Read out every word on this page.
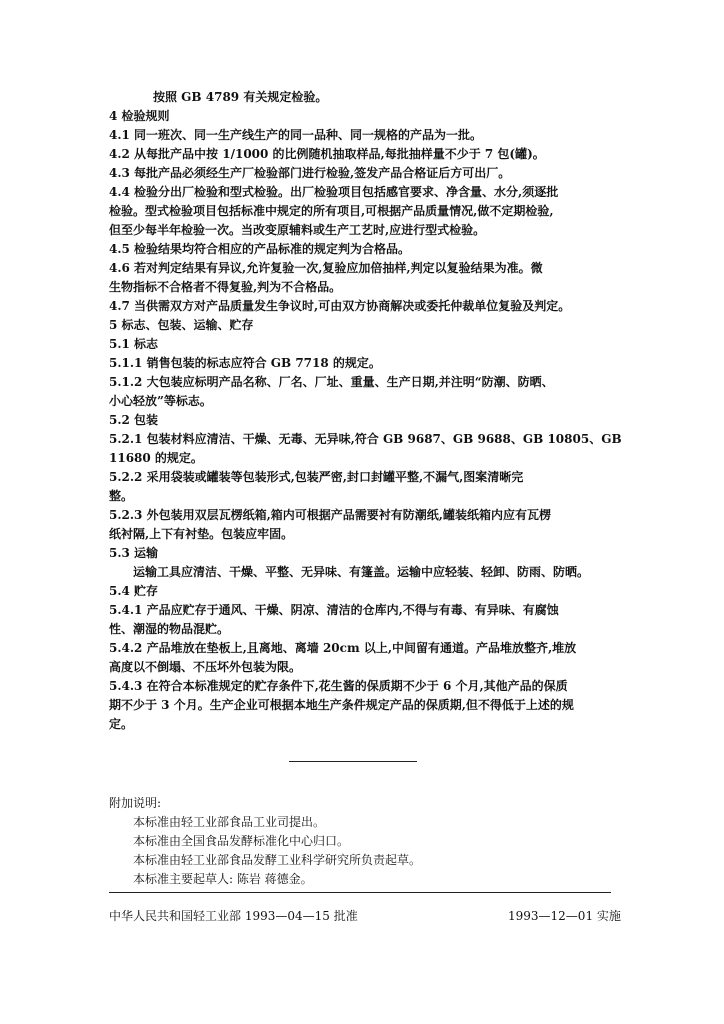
按照 GB 4789 有关规定检验。
4 检验规则
4.1 同一班次、同一生产线生产的同一品种、同一规格的产品为一批。
4.2 从每批产品中按 1/1000 的比例随机抽取样品,每批抽样量不少于 7 包(罐)。
4.3 每批产品必须经生产厂检验部门进行检验,签发产品合格证后方可出厂。
4.4 检验分出厂检验和型式检验。出厂检验项目包括感官要求、净含量、水分,须逐批
检验。型式检验项目包括标准中规定的所有项目,可根据产品质量情况,做不定期检验,
但至少每半年检验一次。当改变原辅料或生产工艺时,应进行型式检验。
4.5 检验结果均符合相应的产品标准的规定判为合格品。
4.6 若对判定结果有异议,允许复验一次,复验应加倍抽样,判定以复验结果为准。微
生物指标不合格者不得复验,判为不合格品。
4.7 当供需双方对产品质量发生争议时,可由双方协商解决或委托仲裁单位复验及判定。
5 标志、包装、运输、贮存
5.1 标志
5.1.1 销售包装的标志应符合 GB 7718 的规定。
5.1.2 大包装应标明产品名称、厂名、厂址、重量、生产日期,并注明“防潮、防晒、
小心轻放”等标志。
5.2 包装
5.2.1 包装材料应清洁、干燥、无毒、无异味,符合 GB 9687、GB 9688、GB 10805、GB
11680 的规定。
5.2.2 采用袋装或罐装等包装形式,包装严密,封口封罐平整,不漏气,图案清晰完
整。
5.2.3 外包装用双层瓦楞纸箱,箱内可根据产品需要衬有防潮纸,罐装纸箱内应有瓦楞
纸衬隔,上下有衬垫。包装应牢固。
5.3 运输
运输工具应清洁、干燥、平整、无异味、有篷盖。运输中应轻装、轻卸、防雨、防晒。
5.4 贮存
5.4.1 产品应贮存于通风、干燥、阴凉、清洁的仓库内,不得与有毒、有异味、有腐蚀
性、潮湿的物品混贮。
5.4.2 产品堆放在垫板上,且离地、离墙 20cm 以上,中间留有通道。产品堆放整齐,堆放
高度以不倒塌、不压坏外包装为限。
5.4.3 在符合本标准规定的贮存条件下,花生酱的保质期不少于 6 个月,其他产品的保质
期不少于 3 个月。生产企业可根据本地生产条件规定产品的保质期,但不得低于上述的规
定。
附加说明:
本标准由轻工业部食品工业司提出。
本标准由全国食品发酵标准化中心归口。
本标准由轻工业部食品发酵工业科学研究所负责起草。
本标准主要起草人: 陈岩 蒋德金。
中华人民共和国轻工业部 1993—04—15 批准	1993—12—01 实施
